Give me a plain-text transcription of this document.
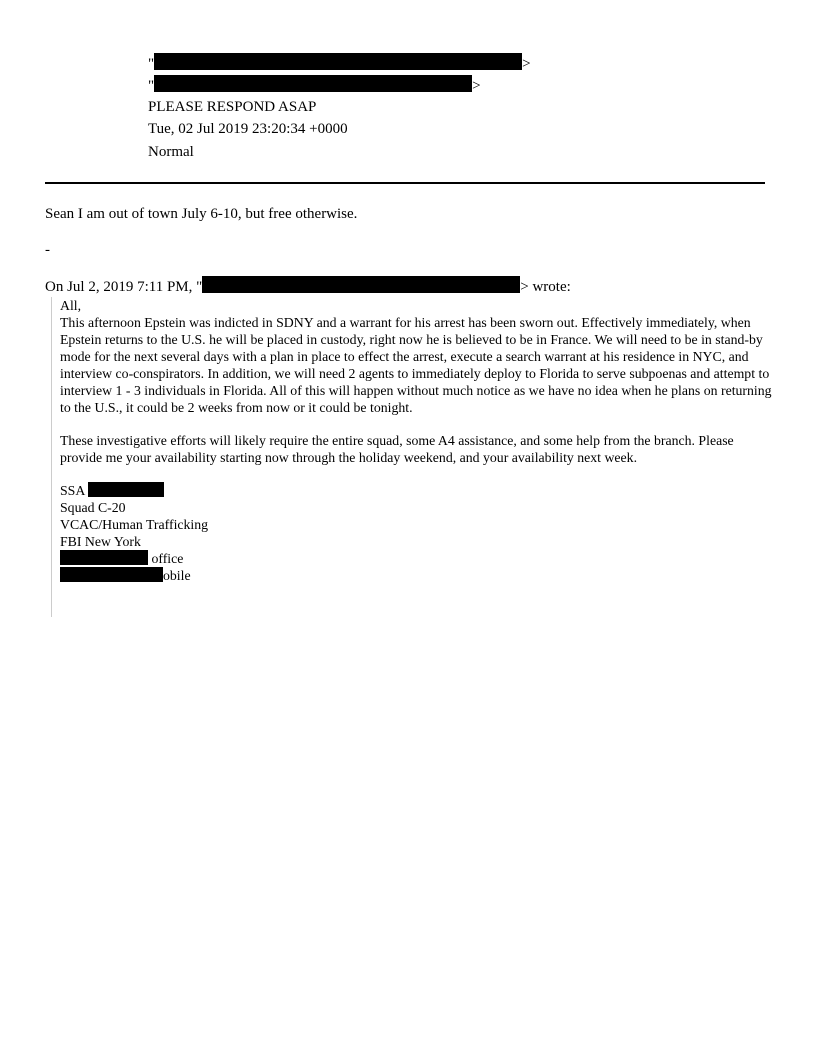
"	>
"	>
PLEASE RESPOND ASAP
Tue, 02 Jul 2019 23:20:34 +0000
Normal
Sean I am out of town July 6-10, but free otherwise.
-
On Jul 2, 2019 7:11 PM, "	> wrote:
All,
This afternoon Epstein was indicted in SDNY and a warrant for his arrest has been sworn out. Effectively immediately, when Epstein returns to the U.S. he will be placed in custody, right now he is believed to be in France. We will need to be in stand-by mode for the next several days with a plan in place to effect the arrest, execute a search warrant at his residence in NYC, and interview co-conspirators. In addition, we will need 2 agents to immediately deploy to Florida to serve subpoenas and attempt to interview 1 - 3 individuals in Florida. All of this will happen without much notice as we have no idea when he plans on returning to the U.S., it could be 2 weeks from now or it could be tonight.
These investigative efforts will likely require the entire squad, some A4 assistance, and some help from the branch. Please provide me your availability starting now through the holiday weekend, and your availability next week.
SSA
Squad C-20
VCAC/Human Trafficking
FBI New York
office
obile
